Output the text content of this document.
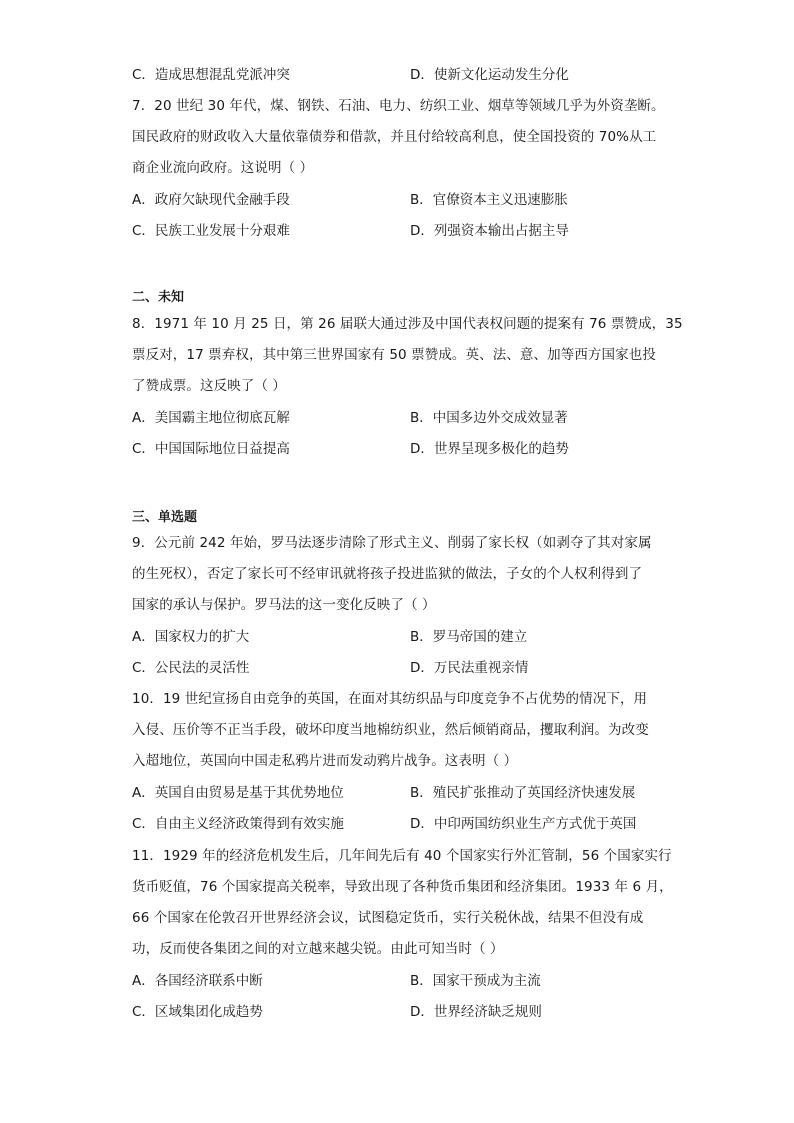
C．造成思想混乱党派冲突	D．使新文化运动发生分化
7．20 世纪 30 年代，煤、钢铁、石油、电力、纺织工业、烟草等领域几乎为外资垄断。
国民政府的财政收入大量依靠债券和借款，并且付给较高利息，使全国投资的 70%从工
商企业流向政府。这说明（ ）
A．政府欠缺现代金融手段	B．官僚资本主义迅速膨胀
C．民族工业发展十分艰难	D．列强资本输出占据主导
二、未知
8．1971 年 10 月 25 日，第 26 届联大通过涉及中国代表权问题的提案有 76 票赞成，35
票反对，17 票弃权，其中第三世界国家有 50 票赞成。英、法、意、加等西方国家也投
了赞成票。这反映了（ ）
A．美国霸主地位彻底瓦解	B．中国多边外交成效显著
C．中国国际地位日益提高	D．世界呈现多极化的趋势
三、单选题
9．公元前 242 年始，罗马法逐步清除了形式主义、削弱了家长权（如剥夺了其对家属
的生死权），否定了家长可不经审讯就将孩子投进监狱的做法，子女的个人权利得到了
国家的承认与保护。罗马法的这一变化反映了（ ）
A．国家权力的扩大	B．罗马帝国的建立
C．公民法的灵活性	D．万民法重视亲情
10．19 世纪宣扬自由竞争的英国，在面对其纺织品与印度竞争不占优势的情况下，用
入侵、压价等不正当手段，破坏印度当地棉纺织业，然后倾销商品，攫取利润。为改变
入超地位，英国向中国走私鸦片进而发动鸦片战争。这表明（ ）
A．英国自由贸易是基于其优势地位	B．殖民扩张推动了英国经济快速发展
C．自由主义经济政策得到有效实施	D．中印两国纺织业生产方式优于英国
11．1929 年的经济危机发生后，几年间先后有 40 个国家实行外汇管制，56 个国家实行
货币贬值，76 个国家提高关税率，导致出现了各种货币集团和经济集团。1933 年 6 月，
66 个国家在伦敦召开世界经济会议，试图稳定货币，实行关税休战，结果不但没有成
功，反而使各集团之间的对立越来越尖锐。由此可知当时（ ）
A．各国经济联系中断	B．国家干预成为主流
C．区域集团化成趋势	D．世界经济缺乏规则
